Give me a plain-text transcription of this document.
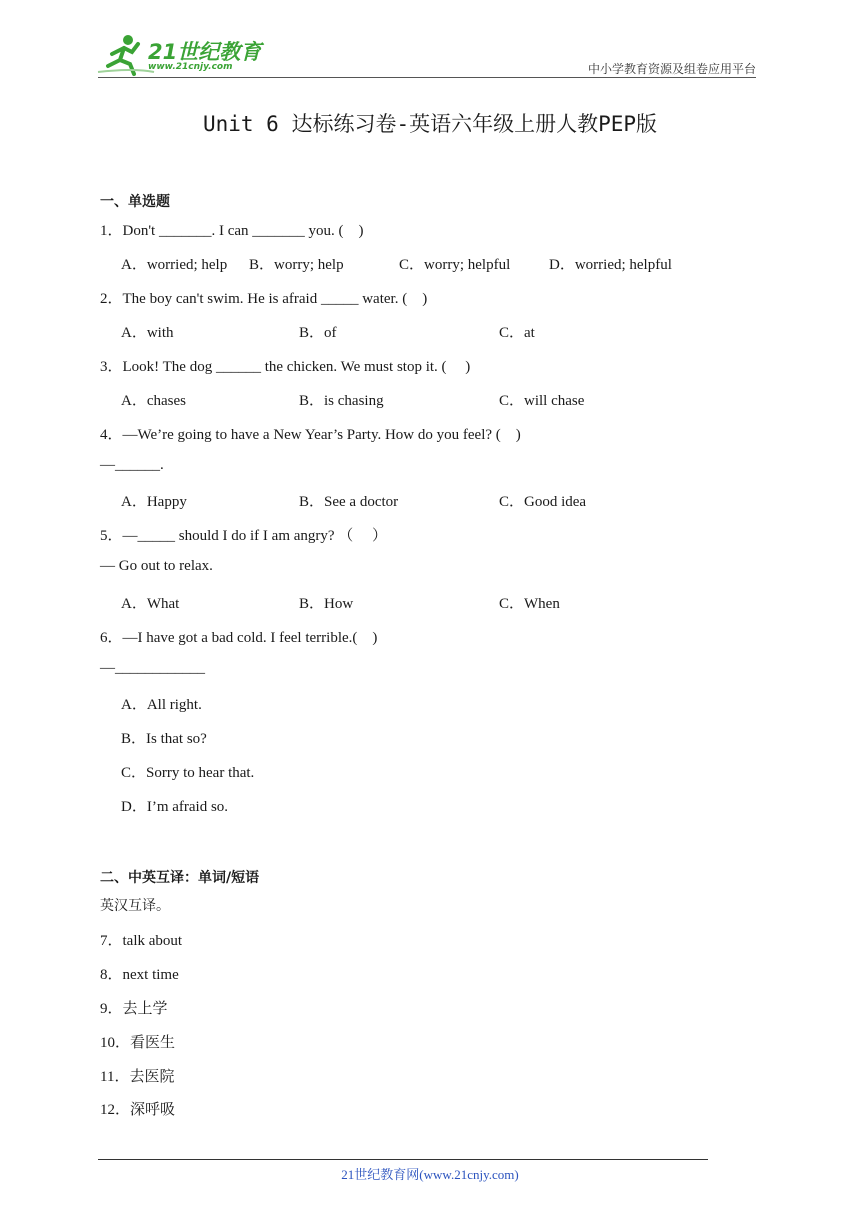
21世纪教育
www.21cnjy.com	中小学教育资源及组卷应用平台
Unit 6 达标练习卷-英语六年级上册人教PEP版
一、单选题
1．Don't _______. I can _______ you. (　)
A．worried; help B．worry; help	C．worry; helpful	D．worried; helpful
2．The boy can't swim. He is afraid _____ water. (　)
A．with	B．of	C．at
3．Look! The dog ______ the chicken. We must stop it. (　 )
A．chases	B．is chasing	C．will chase
4．—We’re going to have a New Year’s Party. How do you feel? (　)
—______.
A．Happy	B．See a doctor	C．Good idea
5．—_____ should I do if I am angry? （　 ）
— Go out to relax.
A．What	B．How	C．When
6．—I have got a bad cold. I feel terrible.(　)
—____________
A．All right.
B．Is that so?
C．Sorry to hear that.
D．I’m afraid so.
二、中英互译：单词/短语
英汉互译。
7．talk about
8．next time
9．去上学
10．看医生
11．去医院
12．深呼吸
21世纪教育网(www.21cnjy.com)
